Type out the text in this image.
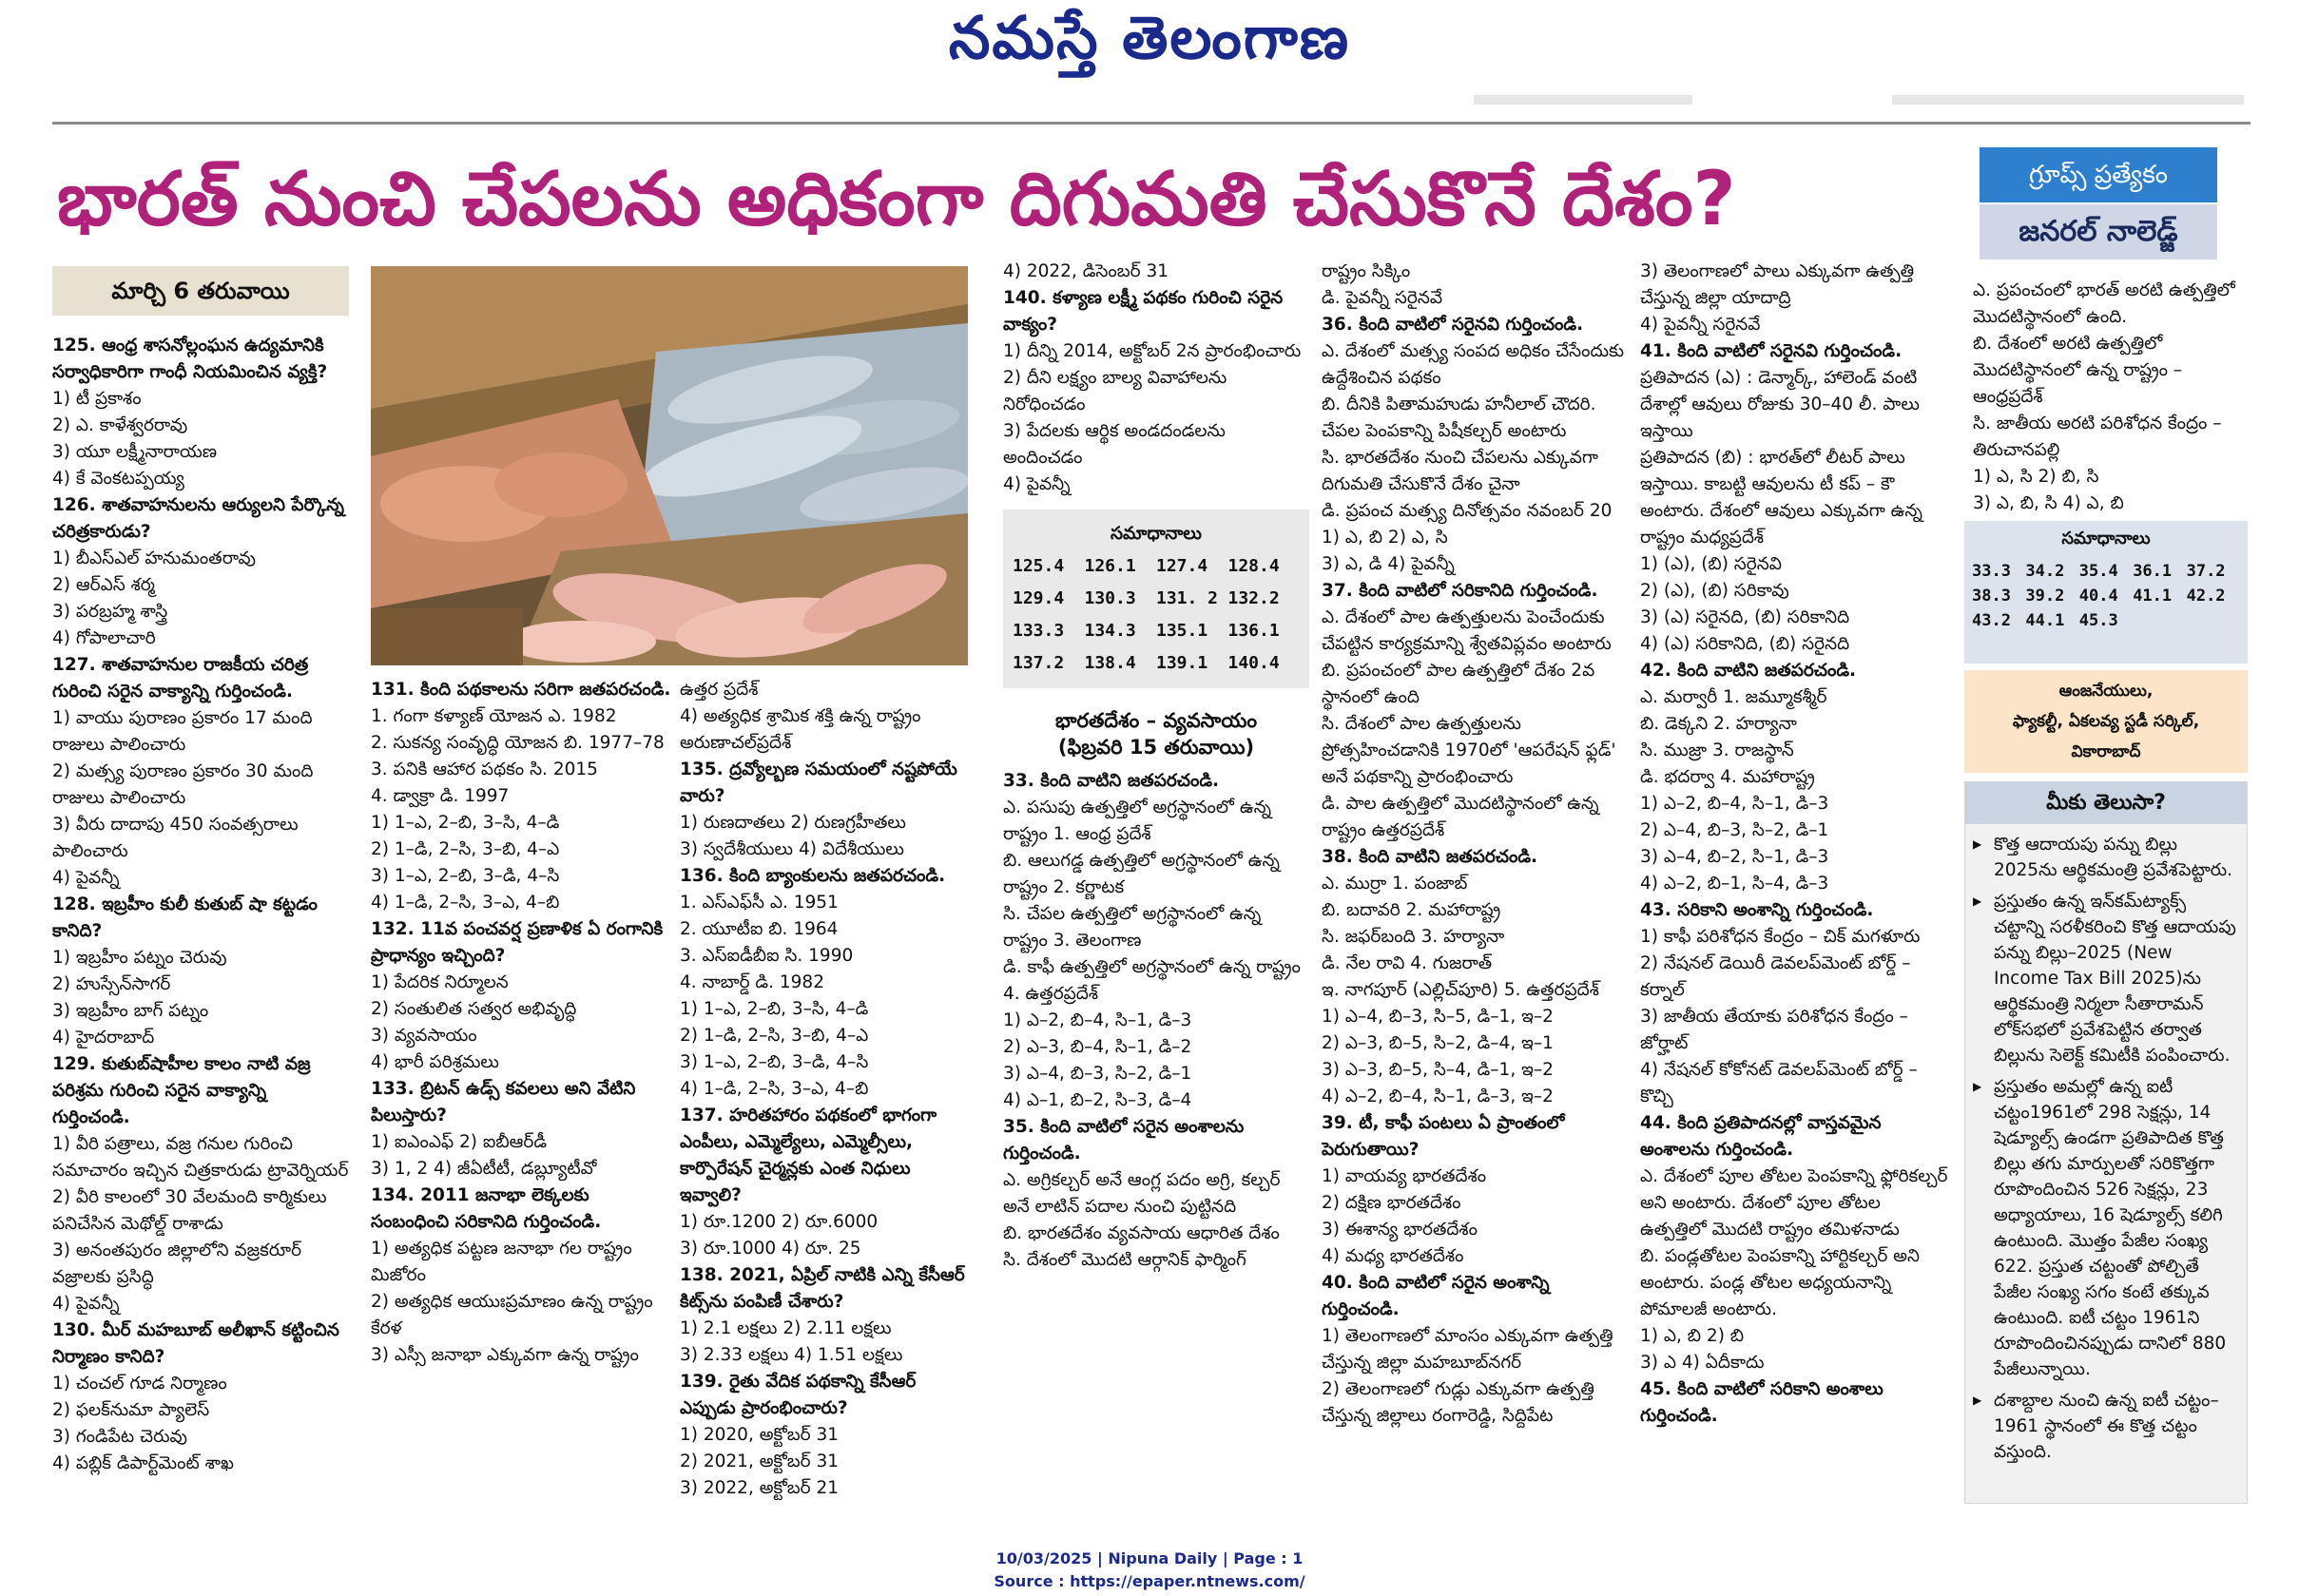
నమస్తే తెలంగాణ
భారత్ నుంచి చేపలను అధికంగా దిగుమతి చేసుకొనే దేశం?	గ్రూప్స్ ప్రత్యేకం
జనరల్ నాలెడ్జ్
మార్చి 6 తరువాయి

125. ఆంధ్ర శాసనోల్లంఘన ఉద్యమానికి సర్వాధికారిగా గాంధీ నియమించిన వ్యక్తి?

1) టీ ప్రకాశం

2) ఎ. కాళేశ్వరరావు

3) యూ లక్ష్మీనారాయణ

4) కే వెంకటప్పయ్య

126. శాతవాహనులను ఆర్యులని పేర్కొన్న చరిత్రకారుడు?

1) బీఎస్ఎల్ హనుమంతరావు

2) ఆర్ఎస్ శర్మ

3) పరబ్రహ్మ శాస్త్రి

4) గోపాలాచారి

127. శాతవాహనుల రాజకీయ చరిత్ర గురించి సరైన వాక్యాన్ని గుర్తించండి.

1) వాయు పురాణం ప్రకారం 17 మంది రాజులు పాలించారు

2) మత్స్య పురాణం ప్రకారం 30 మంది రాజులు పాలించారు

3) వీరు దాదాపు 450 సంవత్సరాలు పాలించారు

4) పైవన్నీ

128. ఇబ్రహీం కులీ కుతుబ్ షా కట్టడం కానిది?

1) ఇబ్రహీం పట్నం చెరువు

2) హుస్సేన్‌సాగర్

3) ఇబ్రహీం బాగ్ పట్నం

4) హైదరాబాద్

129. కుతుబ్‌షాహీల కాలం నాటి వజ్ర పరిశ్రమ గురించి సరైన వాక్యాన్ని గుర్తించండి.

1) వీరి పత్రాలు, వజ్ర గనుల గురించి సమాచారం ఇచ్చిన చిత్రకారుడు ట్రావెర్నియర్

2) వీరి కాలంలో 30 వేలమంది కార్మికులు పనిచేసిన మెథోల్డ్ రాశాడు

3) అనంతపురం జిల్లాలోని వజ్రకరూర్ వజ్రాలకు ప్రసిద్ధి

4) పైవన్నీ

130. మీర్ మహబూబ్ అలీఖాన్ కట్టించిన నిర్మాణం కానిది?

1) చంచల్ గూడ నిర్మాణం

2) ఫలక్‌నుమా ప్యాలెస్

3) గండిపేట చెరువు

4) పబ్లిక్ డిపార్ట్‌మెంట్ శాఖ

131. కింది పథకాలను సరిగా జతపరచండి.

1. గంగా కళ్యాణ్ యోజన ఎ. 1982

2. సుకన్య సంవృద్ధి యోజన బి. 1977–78

3. పనికి ఆహార పథకం సి. 2015

4. డ్వాక్రా డి. 1997

1) 1–ఎ, 2–బి, 3–సి, 4–డి

2) 1–డి, 2–సి, 3–బి, 4–ఎ

3) 1–ఎ, 2–బి, 3–డి, 4–సి

4) 1–డి, 2–సి, 3–ఎ, 4–బి

132. 11వ పంచవర్ష ప్రణాళిక ఏ రంగానికి ప్రాధాన్యం ఇచ్చింది?

1) పేదరిక నిర్మూలన

2) సంతులిత సత్వర అభివృద్ధి

3) వ్యవసాయం

4) భారీ పరిశ్రమలు

133. బ్రిటన్ ఉడ్స్ కవలలు అని వేటిని పిలుస్తారు?

1) ఐఎంఎఫ్ 2) ఐబీఆర్‌డీ

3) 1, 2 4) జీఏటీటీ, డబ్ల్యూటీవో

134. 2011 జనాభా లెక్కలకు సంబంధించి సరికానిది గుర్తించండి.

1) అత్యధిక పట్టణ జనాభా గల రాష్ట్రం మిజోరం

2) అత్యధిక ఆయుఃప్రమాణం ఉన్న రాష్ట్రం కేరళ

3) ఎస్సీ జనాభా ఎక్కువగా ఉన్న రాష్ట్రం

ఉత్తర ప్రదేశ్

4) అత్యధిక శ్రామిక శక్తి ఉన్న రాష్ట్రం అరుణాచల్‌ప్రదేశ్

135. ద్రవ్యోల్బణ సమయంలో నష్టపోయే వారు?

1) రుణదాతలు 2) రుణగ్రహీతలు

3) స్వదేశీయులు 4) విదేశీయులు

136. కింది బ్యాంకులను జతపరచండి.

1. ఎస్ఎఫ్‌సీ ఎ. 1951

2. యూటీఐ బి. 1964

3. ఎస్ఐడీబీఐ సి. 1990

4. నాబార్డ్ డి. 1982

1) 1–ఎ, 2–బి, 3–సి, 4–డి

2) 1–డి, 2–సి, 3–బి, 4–ఎ

3) 1–ఎ, 2–బి, 3–డి, 4–సి

4) 1–డి, 2–సి, 3–ఎ, 4–బి

137. హరితహారం పథకంలో భాగంగా ఎంపీలు, ఎమ్మెల్యేలు, ఎమ్మెల్సీలు, కార్పొరేషన్ చైర్మన్లకు ఎంత నిధులు ఇవ్వాలి?

1) రూ.1200 2) రూ.6000

3) రూ.1000 4) రూ. 25

138. 2021, ఏప్రిల్ నాటికి ఎన్ని కేసీఆర్ కిట్స్‌ను పంపిణీ చేశారు?

1) 2.1 లక్షలు 2) 2.11 లక్షలు

3) 2.33 లక్షలు 4) 1.51 లక్షలు

139. రైతు వేదిక పథకాన్ని కేసీఆర్ ఎప్పుడు ప్రారంభించారు?

1) 2020, అక్టోబర్ 31

2) 2021, అక్టోబర్ 31

3) 2022, అక్టోబర్ 21

4) 2022, డిసెంబర్ 31

140. కళ్యాణ లక్ష్మీ పథకం గురించి సరైన వాక్యం?

1) దీన్ని 2014, అక్టోబర్ 2న ప్రారంభించారు

2) దీని లక్ష్యం బాల్య వివాహాలను నిరోధించడం

3) పేదలకు ఆర్థిక అండదండలను అందించడం

4) పైవన్నీ

సమాధానాలు
125.4	126.1	127.4	128.4
129.4	130.3	131. 2 132.2
133.3	134.3	135.1	136.1
137.2	138.4	139.1	140.4
భారతదేశం – వ్యవసాయం
(ఫిబ్రవరి 15 తరువాయి)

33. కింది వాటిని జతపరచండి.

ఎ. పసుపు ఉత్పత్తిలో అగ్రస్థానంలో ఉన్న రాష్ట్రం 1. ఆంధ్ర ప్రదేశ్

బి. ఆలుగడ్డ ఉత్పత్తిలో అగ్రస్థానంలో ఉన్న రాష్ట్రం 2. కర్ణాటక

సి. చేపల ఉత్పత్తిలో అగ్రస్థానంలో ఉన్న రాష్ట్రం 3. తెలంగాణ

డి. కాఫీ ఉత్పత్తిలో అగ్రస్థానంలో ఉన్న రాష్ట్రం 4. ఉత్తరప్రదేశ్

1) ఎ–2, బి–4, సి–1, డి–3

2) ఎ–3, బి–4, సి–1, డి–2

3) ఎ–4, బి–3, సి–2, డి–1

4) ఎ–1, బి–2, సి–3, డి–4

35. కింది వాటిలో సరైన అంశాలను గుర్తించండి.

ఎ. అగ్రికల్చర్ అనే ఆంగ్ల పదం అగ్రి, కల్చర్ అనే లాటిన్ పదాల నుంచి పుట్టినది

బి. భారతదేశం వ్యవసాయ ఆధారిత దేశం

సి. దేశంలో మొదటి ఆర్గానిక్ ఫార్మింగ్

రాష్ట్రం సిక్కిం

డి. పైవన్నీ సరైనవే

36. కింది వాటిలో సరైనవి గుర్తించండి.

ఎ. దేశంలో మత్స్య సంపద అధికం చేసేందుకు ఉద్దేశించిన పథకం

బి. దీనికి పితామహుడు హనీలాల్ చౌదరి. చేపల పెంపకాన్ని పిషీకల్చర్ అంటారు

సి. భారతదేశం నుంచి చేపలను ఎక్కువగా దిగుమతి చేసుకొనే దేశం చైనా

డి. ప్రపంచ మత్స్య దినోత్సవం నవంబర్ 20

1) ఎ, బి 2) ఎ, సి

3) ఎ, డి 4) పైవన్నీ

37. కింది వాటిలో సరికానిది గుర్తించండి.

ఎ. దేశంలో పాల ఉత్పత్తులను పెంచేందుకు చేపట్టిన కార్యక్రమాన్ని శ్వేతవిప్లవం అంటారు

బి. ప్రపంచంలో పాల ఉత్పత్తిలో దేశం 2వ స్థానంలో ఉంది

సి. దేశంలో పాల ఉత్పత్తులను ప్రోత్సహించడానికి 1970లో 'ఆపరేషన్ ఫ్లడ్' అనే పథకాన్ని ప్రారంభించారు

డి. పాల ఉత్పత్తిలో మొదటిస్థానంలో ఉన్న రాష్ట్రం ఉత్తరప్రదేశ్

38. కింది వాటిని జతపరచండి.

ఎ. ముర్రా 1. పంజాబ్

బి. బదావరి 2. మహారాష్ట్ర

సి. జఫర్‌బంది 3. హర్యానా

డి. నేల రావి 4. గుజరాత్

ఇ. నాగపూర్ (ఎల్లిచ్‌పూరి) 5. ఉత్తరప్రదేశ్

1) ఎ–4, బి–3, సి–5, డి–1, ఇ–2

2) ఎ–3, బి–5, సి–2, డి–4, ఇ–1

3) ఎ–3, బి–5, సి–4, డి–1, ఇ–2

4) ఎ–2, బి–4, సి–1, డి–3, ఇ–2

39. టీ, కాఫీ పంటలు ఏ ప్రాంతంలో పెరుగుతాయి?

1) వాయవ్య భారతదేశం

2) దక్షిణ భారతదేశం

3) ఈశాన్య భారతదేశం

4) మధ్య భారతదేశం

40. కింది వాటిలో సరైన అంశాన్ని గుర్తించండి.

1) తెలంగాణలో మాంసం ఎక్కువగా ఉత్పత్తి చేస్తున్న జిల్లా మహబూబ్‌నగర్

2) తెలంగాణలో గుడ్లు ఎక్కువగా ఉత్పత్తి చేస్తున్న జిల్లాలు రంగారెడ్డి, సిద్దిపేట

3) తెలంగాణలో పాలు ఎక్కువగా ఉత్పత్తి చేస్తున్న జిల్లా యాదాద్రి

4) పైవన్నీ సరైనవే

41. కింది వాటిలో సరైనవి గుర్తించండి.

ప్రతిపాదన (ఎ) : డెన్మార్క్, హాలెండ్ వంటి దేశాల్లో ఆవులు రోజుకు 30–40 లీ. పాలు ఇస్తాయి

ప్రతిపాదన (బి) : భారత్‌లో లీటర్ పాలు ఇస్తాయి. కాబట్టి ఆవులను టీ కప్ – కౌ అంటారు. దేశంలో ఆవులు ఎక్కువగా ఉన్న రాష్ట్రం మధ్యప్రదేశ్

1) (ఎ), (బి) సరైనవి

2) (ఎ), (బి) సరికావు

3) (ఎ) సరైనది, (బి) సరికానిది

4) (ఎ) సరికానిది, (బి) సరైనది

42. కింది వాటిని జతపరచండి.

ఎ. మర్వారీ 1. జమ్మూకశ్మీర్

బి. డెక్కని 2. హర్యానా

సి. ముజ్రా 3. రాజస్థాన్

డి. భదర్వా 4. మహారాష్ట్ర

1) ఎ–2, బి–4, సి–1, డి–3

2) ఎ–4, బి–3, సి–2, డి–1

3) ఎ–4, బి–2, సి–1, డి–3

4) ఎ–2, బి–1, సి–4, డి–3

43. సరికాని అంశాన్ని గుర్తించండి.

1) కాఫీ పరిశోధన కేంద్రం – చిక్ మగళూరు

2) నేషనల్ డెయిరీ డెవలప్‌మెంట్ బోర్డ్ – కర్నాల్

3) జాతీయ తేయాకు పరిశోధన కేంద్రం – జోర్హాట్

4) నేషనల్ కోకోనట్ డెవలప్‌మెంట్ బోర్డ్ – కొచ్చి

44. కింది ప్రతిపాదనల్లో వాస్తవమైన అంశాలను గుర్తించండి.

ఎ. దేశంలో పూల తోటల పెంపకాన్ని ఫ్లోరికల్చర్ అని అంటారు. దేశంలో పూల తోటల ఉత్పత్తిలో మొదటి రాష్ట్రం తమిళనాడు

బి. పండ్లతోటల పెంపకాన్ని హార్టికల్చర్ అని అంటారు. పండ్ల తోటల అధ్యయనాన్ని పోమాలజీ అంటారు.

1) ఎ, బి 2) బి

3) ఎ 4) ఏదీకాదు

45. కింది వాటిలో సరికాని అంశాలు గుర్తించండి.

ఎ. ప్రపంచంలో భారత్ అరటి ఉత్పత్తిలో మొదటిస్థానంలో ఉంది.

బి. దేశంలో అరటి ఉత్పత్తిలో మొదటిస్థానంలో ఉన్న రాష్ట్రం – ఆంధ్రప్రదేశ్

సి. జాతీయ అరటి పరిశోధన కేంద్రం – తిరుచానపల్లి

1) ఎ, సి 2) బి, సి

3) ఎ, బి, సి 4) ఎ, బి

సమాధానాలు
33.3 34.2 35.4 36.1 37.2
38.3 39.2 40.4 41.1 42.2
43.2 44.1 45.3
ఆంజనేయులు,
ఫ్యాకల్టీ, ఏకలవ్య స్టడీ సర్కిల్,
వికారాబాద్
మీకు తెలుసా?
▶ కొత్త ఆదాయపు పన్ను బిల్లు 2025ను ఆర్థికమంత్రి ప్రవేశపెట్టారు.
▶ ప్రస్తుతం ఉన్న ఇన్‌కమ్‌ట్యాక్స్ చట్టాన్ని సరళీకరించి కొత్త ఆదాయపు పన్ను బిల్లు–2025 (New Income Tax Bill 2025)ను ఆర్థికమంత్రి నిర్మలా సీతారామన్ లోక్‌సభలో ప్రవేశపెట్టిన తర్వాత బిల్లును సెలెక్ట్ కమిటీకి పంపించారు.
▶ ప్రస్తుతం అమల్లో ఉన్న ఐటీ చట్టం1961లో 298 సెక్షన్లు, 14 షెడ్యూల్స్ ఉండగా ప్రతిపాదిత కొత్త బిల్లు తగు మార్పులతో సరికొత్తగా రూపొందించిన 526 సెక్షన్లు, 23 అధ్యాయాలు, 16 షెడ్యూల్స్ కలిగి ఉంటుంది. మొత్తం పేజీల సంఖ్య 622. ప్రస్తుత చట్టంతో పోల్చితే పేజీల సంఖ్య సగం కంటే తక్కువ ఉంటుంది. ఐటీ చట్టం 1961ని రూపొందించినప్పుడు దానిలో 880 పేజీలున్నాయి.
▶ దశాబ్దాల నుంచి ఉన్న ఐటీ చట్టం–1961 స్థానంలో ఈ కొత్త చట్టం వస్తుంది.
10/03/2025 | Nipuna Daily | Page : 1
Source : https://epaper.ntnews.com/
